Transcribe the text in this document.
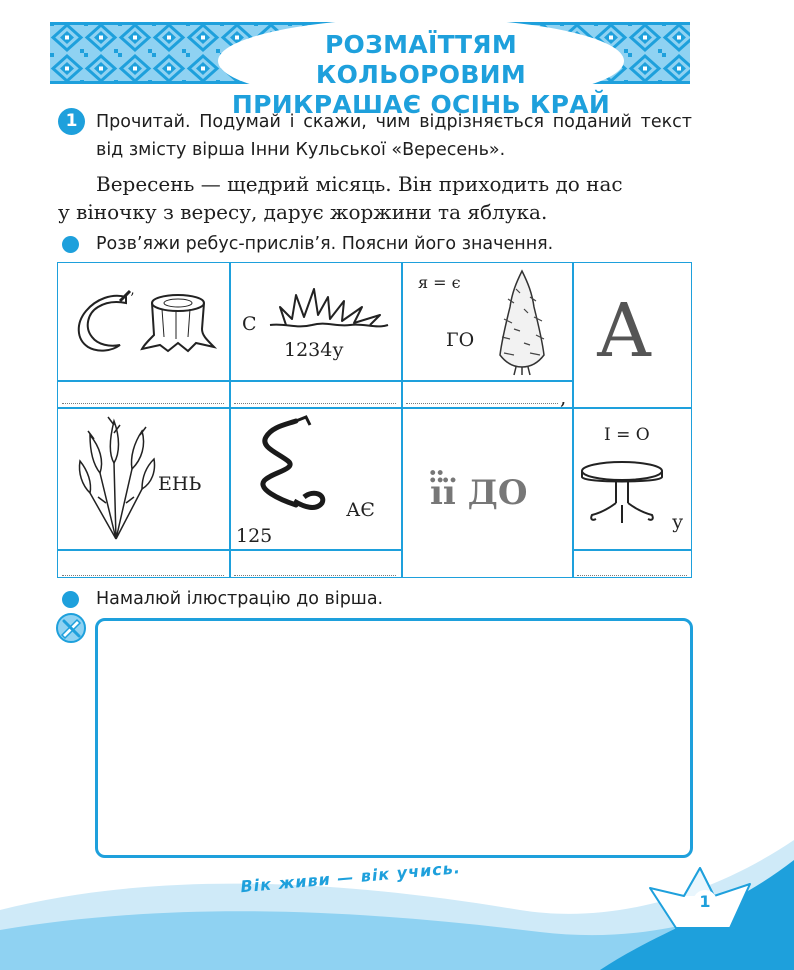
РОЗМАЇТТЯМ КОЛЬОРОВИМ
ПРИКРАШАЄ ОСІНЬ КРАЙ
1	Прочитай. Подумай і скажи, чим відрізняється поданий текст від змісту вірша Інни Кульської «Вересень».
Вересень — щедрий місяць. Він приходить до нас
у віночку з вересу, дарує жоржини та яблука.
Розв’яжи ребус-прислів’я. Поясни його значення.
’
С
1234у
я = є
ГО
,
А
ЕНЬ
АЄ
125
ї̈ї ДО
І = О
у
Намалюй ілюстрацію до вірша.
Вік живи — вік учись.
1
